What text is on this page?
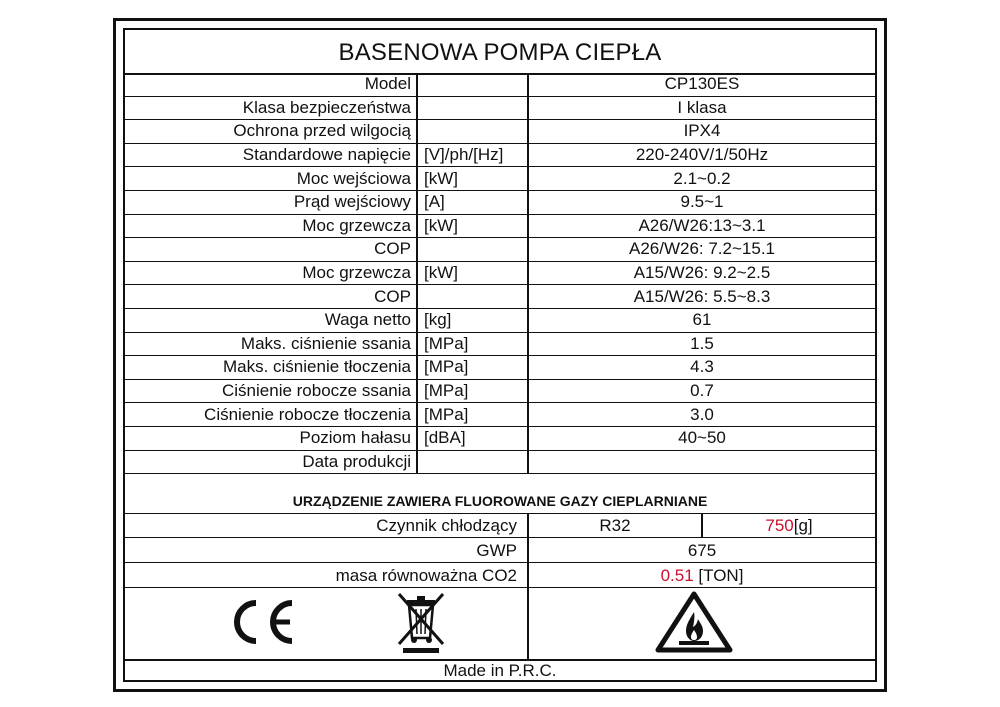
BASENOWA POMPA CIEPŁA
Model		CP130ES
Klasa bezpieczeństwa		I klasa
Ochrona przed wilgocią		IPX4
Standardowe napięcie	[V]/ph/[Hz]	220-240V/1/50Hz
Moc wejściowa	[kW]	2.1~0.2
Prąd wejściowy	[A]	9.5~1
Moc grzewcza	[kW]	A26/W26:13~3.1
COP		A26/W26: 7.2~15.1
Moc grzewcza	[kW]	A15/W26: 9.2~2.5
COP		A15/W26: 5.5~8.3
Waga netto	[kg]	61
Maks. ciśnienie ssania	[MPa]	1.5
Maks. ciśnienie tłoczenia	[MPa]	4.3
Ciśnienie robocze ssania	[MPa]	0.7
Ciśnienie robocze tłoczenia	[MPa]	3.0
Poziom hałasu	[dBA]	40~50
Data produkcji		
URZĄDZENIE ZAWIERA FLUOROWANE GAZY CIEPLARNIANE
Czynnik chłodzący	R32	750[g]
GWP	675	
masa równoważna CO2	0.51 [TON]	
Made in P.R.C.
